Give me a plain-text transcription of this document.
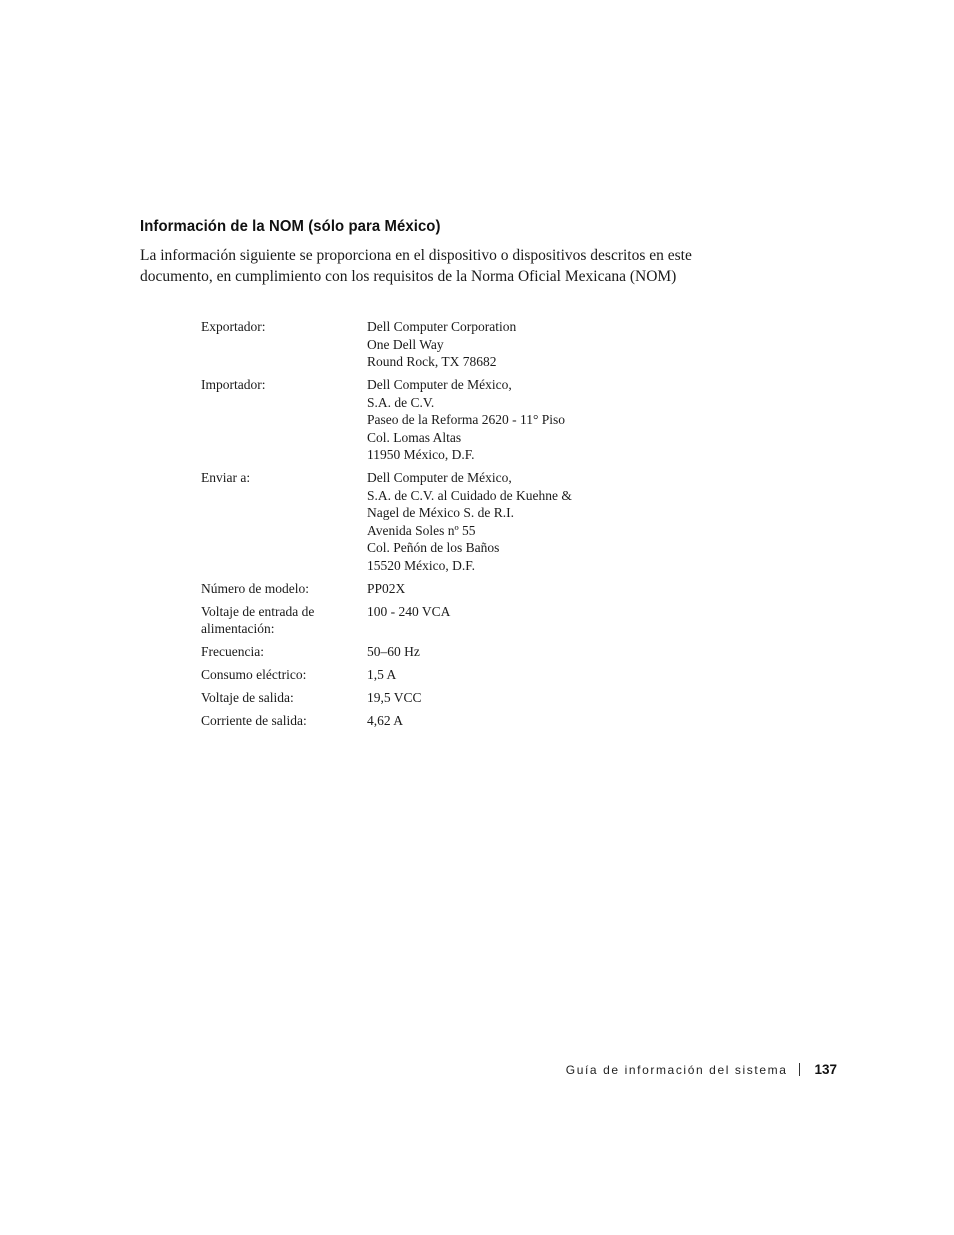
Información de la NOM (sólo para México)

La información siguiente se proporciona en el dispositivo o dispositivos descritos en este
documento, en cumplimiento con los requisitos de la Norma Oficial Mexicana (NOM)

Exportador:	Dell Computer Corporation
One Dell Way
Round Rock, TX 78682
Importador:	Dell Computer de México,
S.A. de C.V.
Paseo de la Reforma 2620 - 11° Piso
Col. Lomas Altas
11950 México, D.F.
Enviar a:	Dell Computer de México,
S.A. de C.V. al Cuidado de Kuehne &
Nagel de México S. de R.I.
Avenida Soles nº 55
Col. Peñón de los Baños
15520 México, D.F.
Número de modelo:	PP02X
Voltaje de entrada de
alimentación:
100 - 240 VCA
Frecuencia:	50–60 Hz
Consumo eléctrico:	1,5 A
Voltaje de salida:	19,5 VCC
Corriente de salida:	4,62 A
Guía de información del sistema 137
